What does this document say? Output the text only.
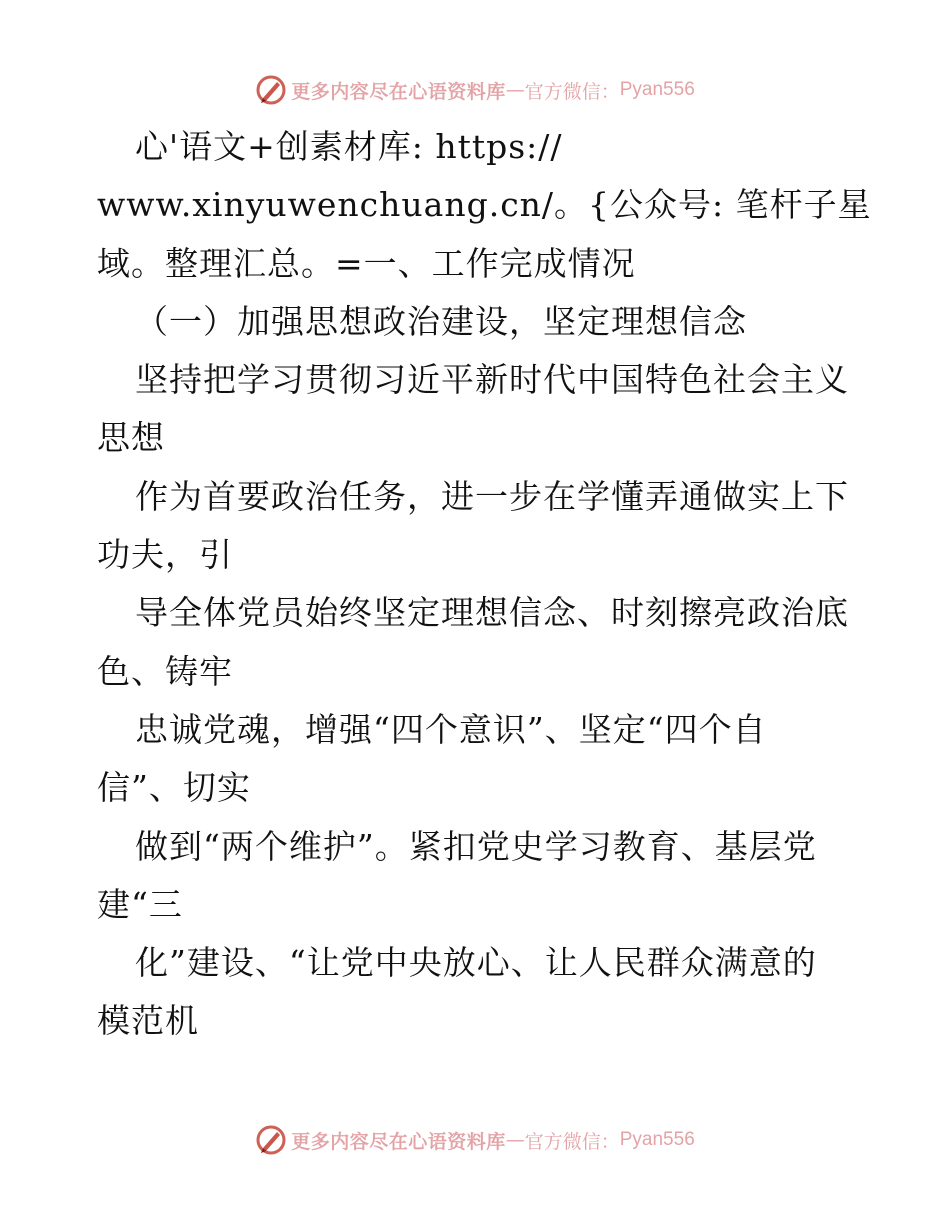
更多内容尽在心语资料库 — 官方微信： Pyan556
心'语文+创素材库: https://
www.xinyuwenchuang.cn/。{公众号: 笔杆子星
域。整理汇总。=一、工作完成情况
（一）加强思想政治建设，坚定理想信念
坚持把学习贯彻习近平新时代中国特色社会主义
思想
作为首要政治任务，进一步在学懂弄通做实上下
功夫，引
导全体党员始终坚定理想信念、时刻擦亮政治底
色、铸牢
忠诚党魂，增强“四个意识”、坚定“四个自
信”、切实
做到“两个维护”。紧扣党史学习教育、基层党
建“三
化”建设、“让党中央放心、让人民群众满意的
模范机
更多内容尽在心语资料库 — 官方微信： Pyan556
